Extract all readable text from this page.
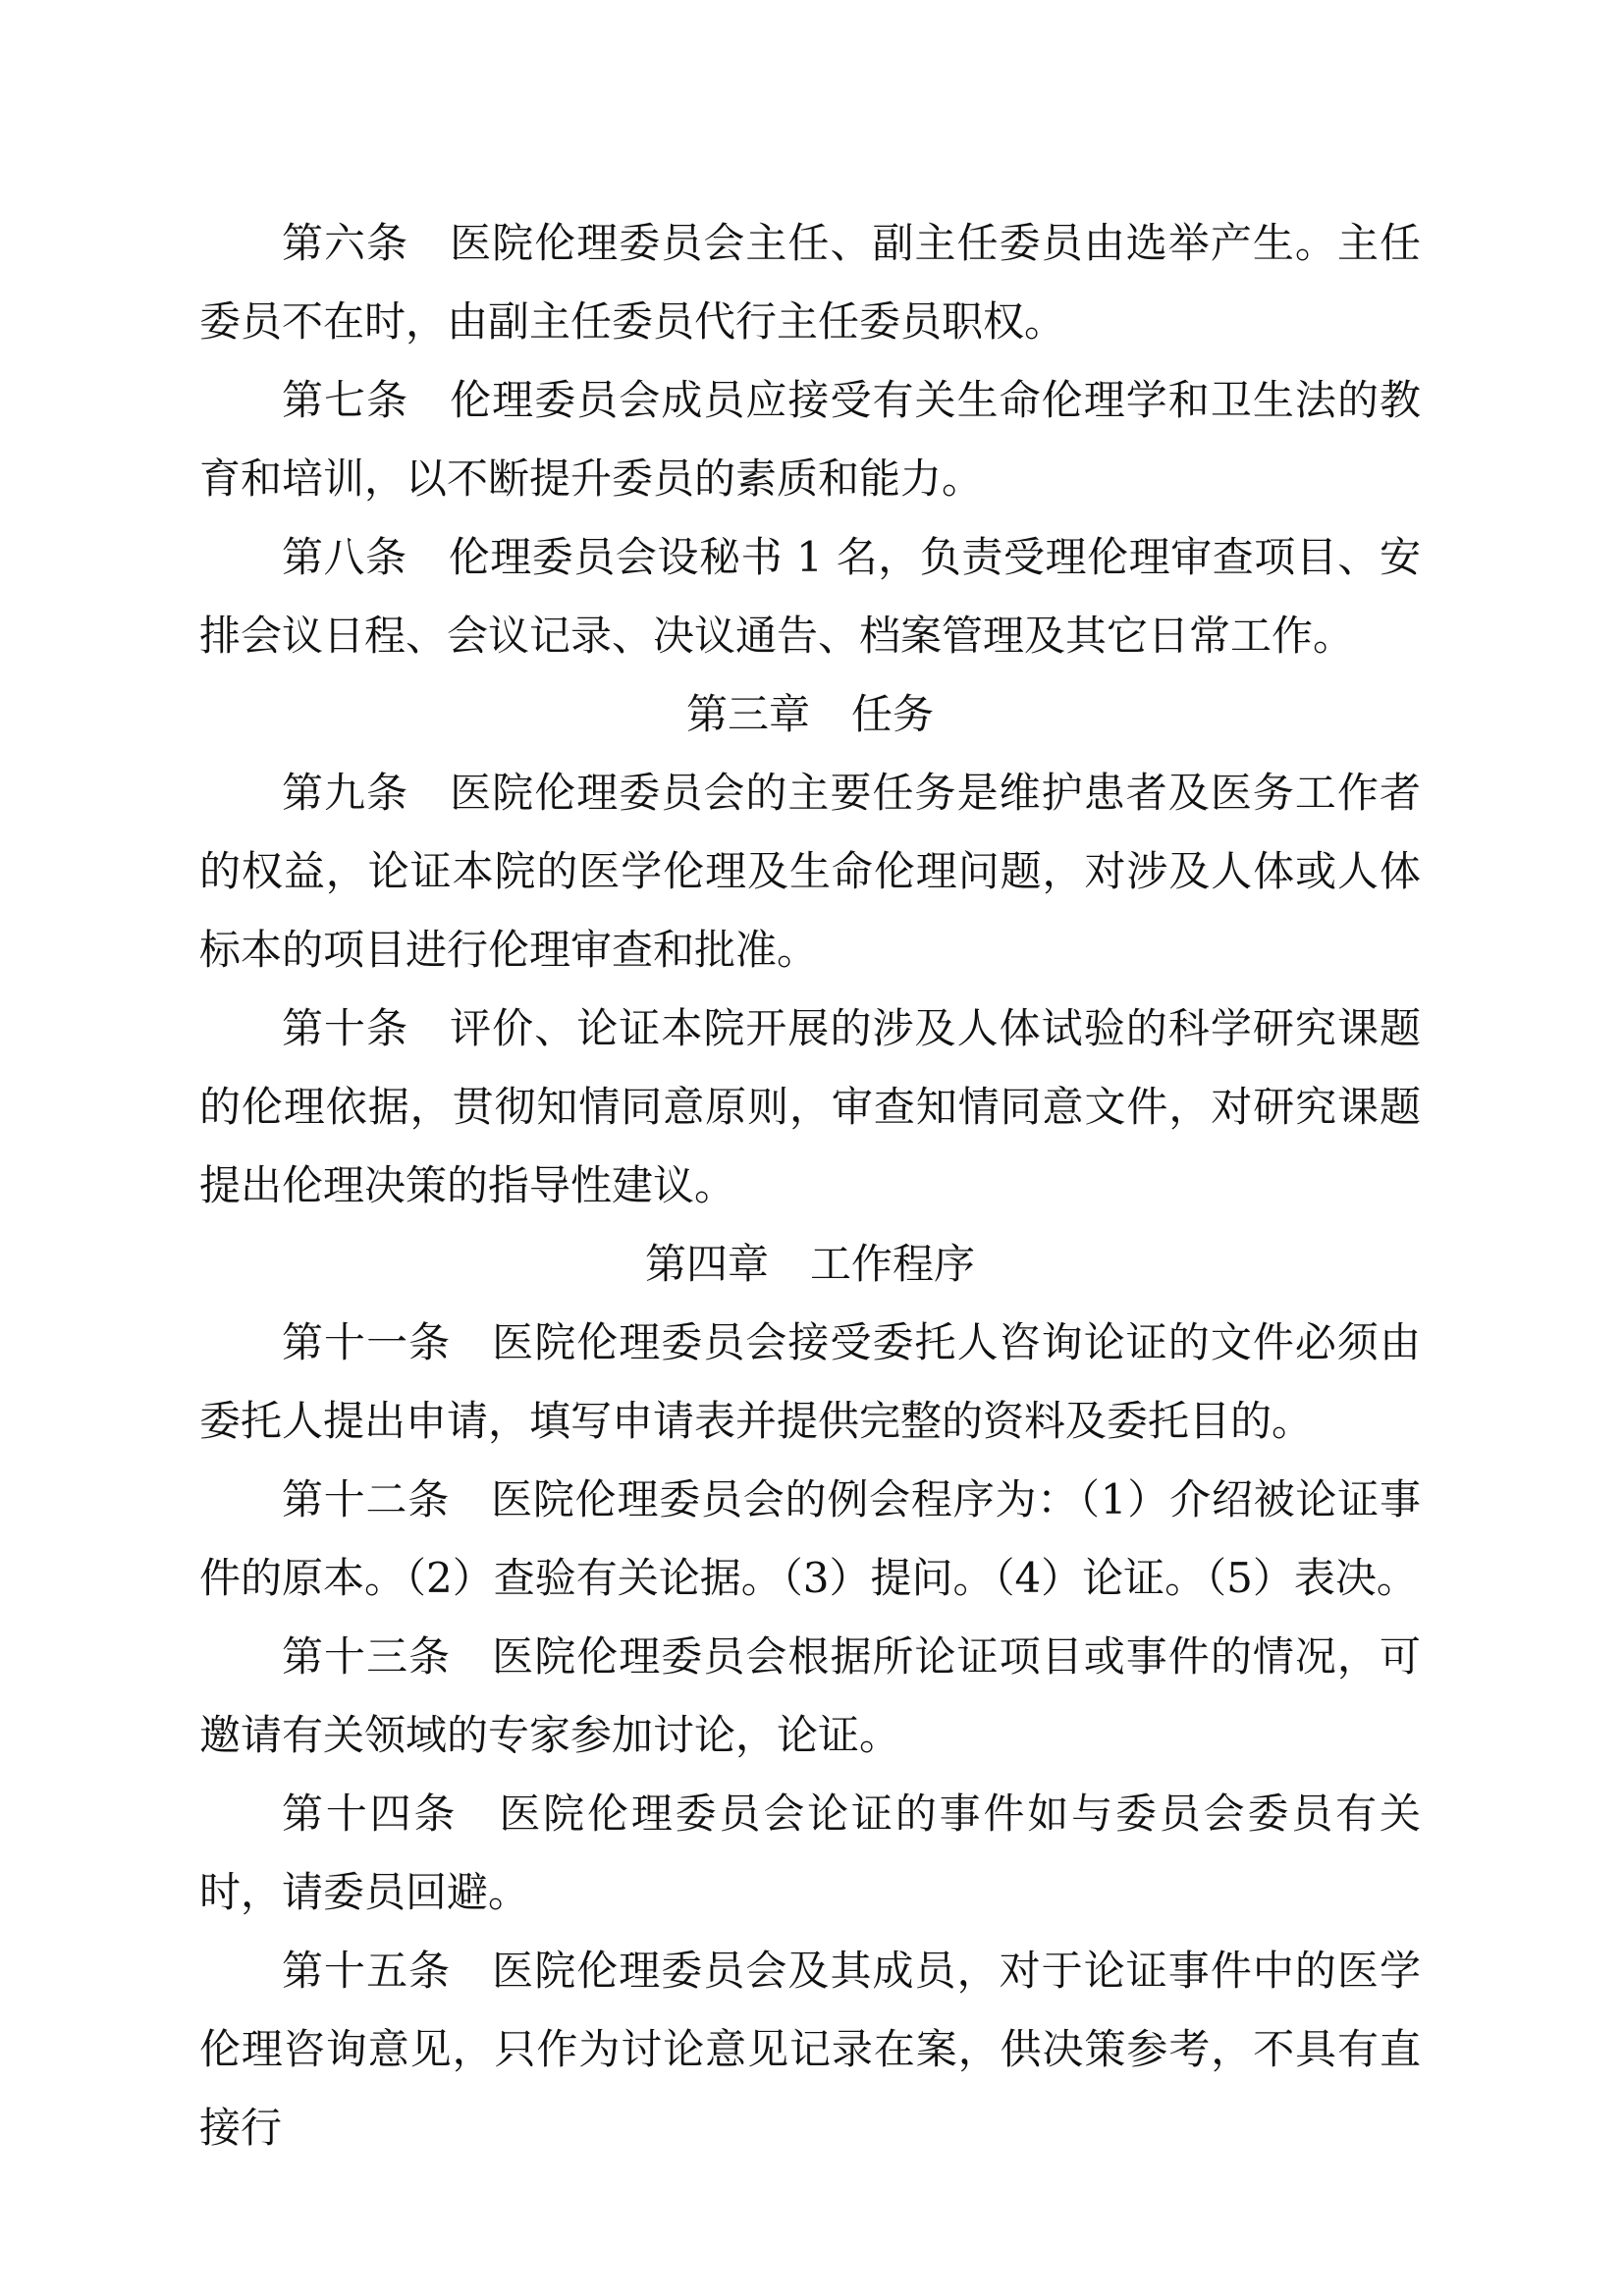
第六条 医院伦理委员会主任、副主任委员由选举产生。主任委员不在时，由副主任委员代行主任委员职权。

第七条 伦理委员会成员应接受有关生命伦理学和卫生法的教育和培训，以不断提升委员的素质和能力。

第八条 伦理委员会设秘书 1 名，负责受理伦理审查项目、安排会议日程、会议记录、决议通告、档案管理及其它日常工作。

第三章 任务

第九条 医院伦理委员会的主要任务是维护患者及医务工作者的权益，论证本院的医学伦理及生命伦理问题，对涉及人体或人体标本的项目进行伦理审查和批准。

第十条 评价、论证本院开展的涉及人体试验的科学研究课题的伦理依据，贯彻知情同意原则，审查知情同意文件，对研究课题提出伦理决策的指导性建议。

第四章 工作程序

第十一条 医院伦理委员会接受委托人咨询论证的文件必须由委托人提出申请，填写申请表并提供完整的资料及委托目的。

第十二条 医院伦理委员会的例会程序为：（1）介绍被论证事件的原本。（2）查验有关论据。（3）提问。（4）论证。（5）表决。

第十三条 医院伦理委员会根据所论证项目或事件的情况，可邀请有关领域的专家参加讨论，论证。

第十四条 医院伦理委员会论证的事件如与委员会委员有关时，请委员回避。

第十五条 医院伦理委员会及其成员，对于论证事件中的医学伦理咨询意见，只作为讨论意见记录在案，供决策参考，不具有直接行
